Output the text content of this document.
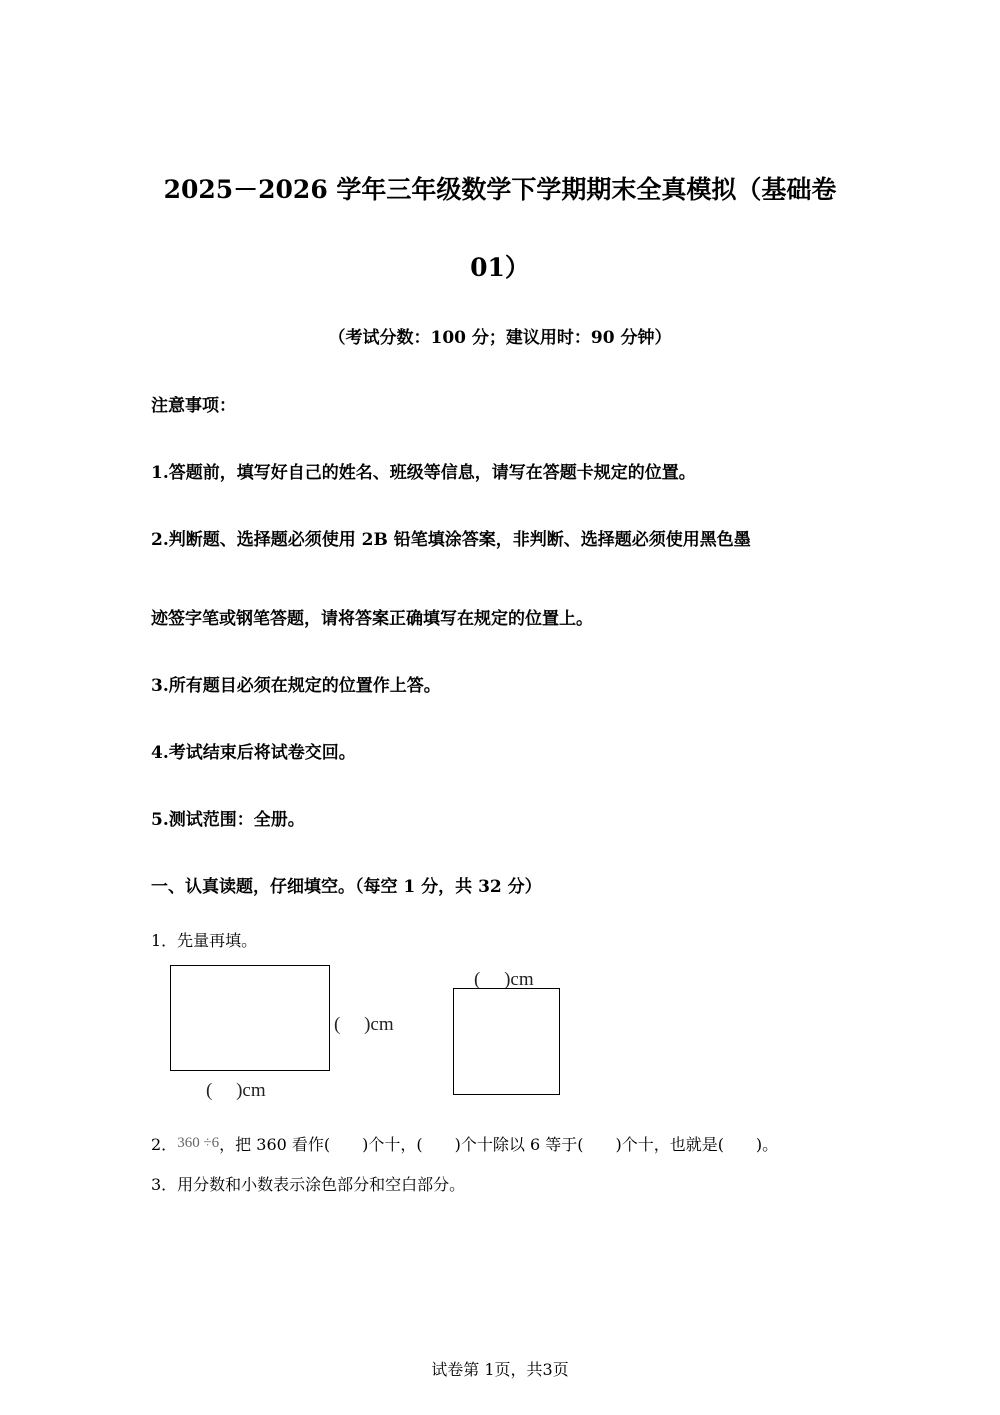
2025－2026 学年三年级数学下学期期末全真模拟（基础卷
01）
（考试分数：100 分；建议用时：90 分钟）
注意事项：
1.答题前，填写好自己的姓名、班级等信息，请写在答题卡规定的位置。
2.判断题、选择题必须使用 2B 铅笔填涂答案，非判断、选择题必须使用黑色墨
迹签字笔或钢笔答题，请将答案正确填写在规定的位置上。
3.所有题目必须在规定的位置作上答。
4.考试结束后将试卷交回。
5.测试范围：全册。
一、认真读题，仔细填空。（每空 1 分，共 32 分）
1．先量再填。
(　 )cm
(　 )cm
(　 )cm
2．360 ÷6，把 360 看作(　　)个十，(　　)个十除以 6 等于(　　)个十，也就是(　　)。
3．用分数和小数表示涂色部分和空白部分。
试卷第 1页，共3页
